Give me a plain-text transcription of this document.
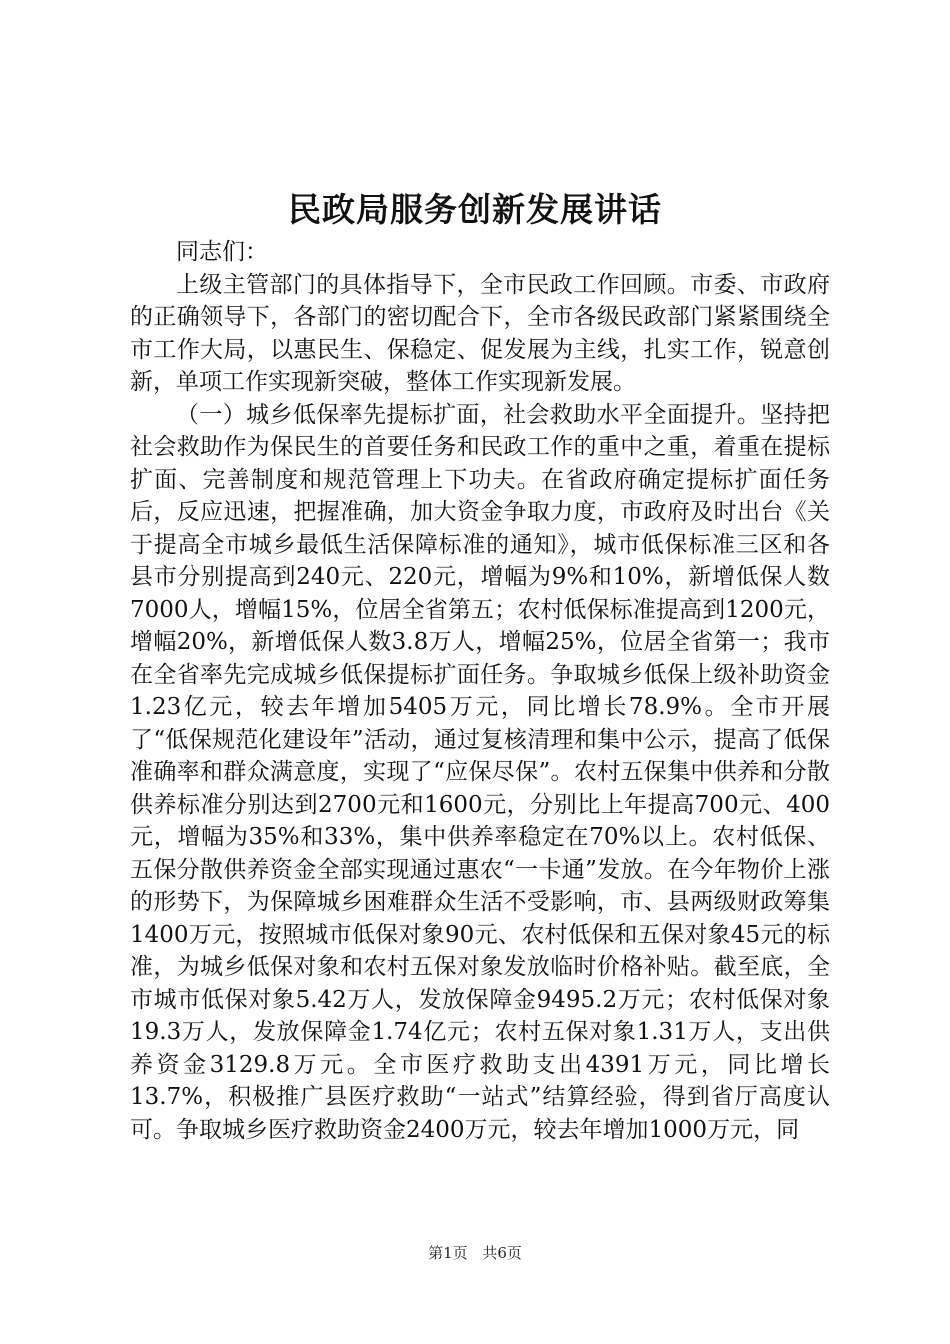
民政局服务创新发展讲话

同志们：

上级主管部门的具体指导下，全市民政工作回顾。市委、市政府的正确领导下，各部门的密切配合下，全市各级民政部门紧紧围绕全市工作大局，以惠民生、保稳定、促发展为主线，扎实工作，锐意创新，单项工作实现新突破，整体工作实现新发展。

（一）城乡低保率先提标扩面，社会救助水平全面提升。坚持把社会救助作为保民生的首要任务和民政工作的重中之重，着重在提标扩面、完善制度和规范管理上下功夫。在省政府确定提标扩面任务后，反应迅速，把握准确，加大资金争取力度，市政府及时出台《关于提高全市城乡最低生活保障标准的通知》，城市低保标准三区和各县市分别提高到240元、220元，增幅为9%和10%，新增低保人数7000人，增幅15%，位居全省第五；农村低保标准提高到1200元，增幅20%，新增低保人数3.8万人，增幅25%，位居全省第一；我市在全省率先完成城乡低保提标扩面任务。争取城乡低保上级补助资金1.23亿元，较去年增加5405万元，同比增长78.9%。全市开展了“低保规范化建设年”活动，通过复核清理和集中公示，提高了低保准确率和群众满意度，实现了“应保尽保”。农村五保集中供养和分散供养标准分别达到2700元和1600元，分别比上年提高700元、400元，增幅为35%和33%，集中供养率稳定在70%以上。农村低保、五保分散供养资金全部实现通过惠农“一卡通”发放。在今年物价上涨的形势下，为保障城乡困难群众生活不受影响，市、县两级财政筹集1400万元，按照城市低保对象90元、农村低保和五保对象45元的标准，为城乡低保对象和农村五保对象发放临时价格补贴。截至底，全市城市低保对象5.42万人，发放保障金9495.2万元；农村低保对象19.3万人，发放保障金1.74亿元；农村五保对象1.31万人，支出供养资金3129.8万元。全市医疗救助支出4391万元，同比增长13.7%，积极推广县医疗救助“一站式”结算经验，得到省厅高度认可。争取城乡医疗救助资金2400万元，较去年增加1000万元，同

第1页 共6页
